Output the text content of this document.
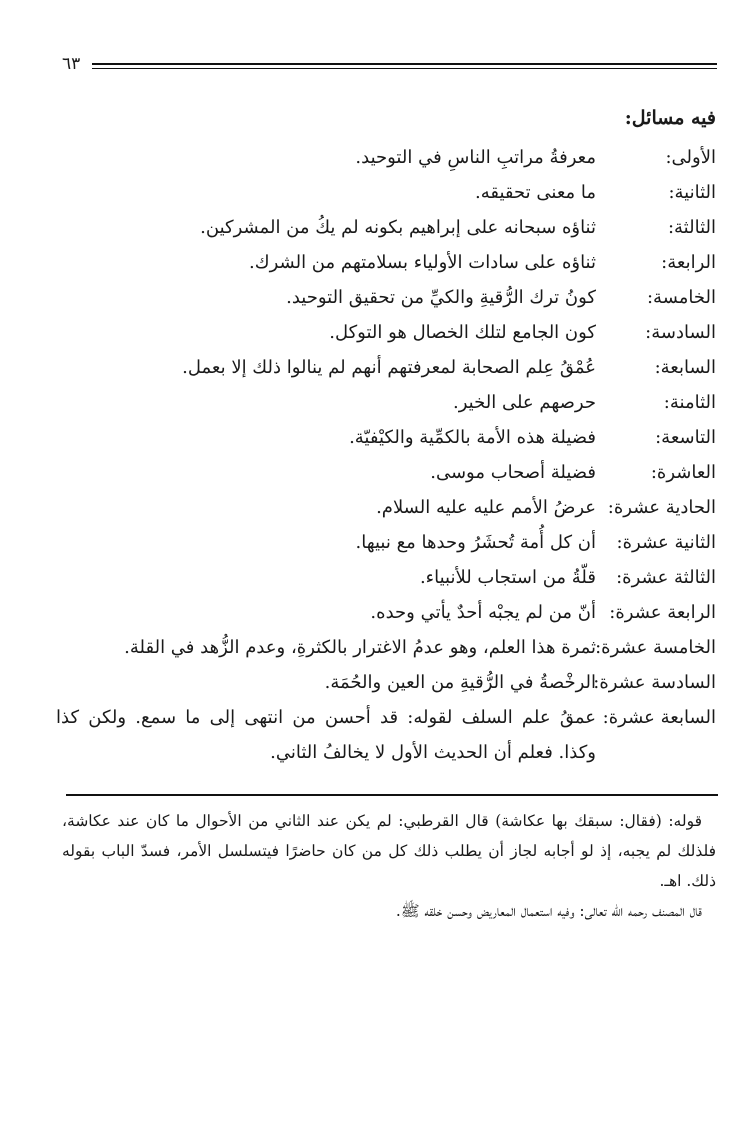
٦٣
فيه مسائل:
الأولى:
معرفةُ مراتبِ الناسِ في التوحيد.
الثانية:
ما معنى تحقيقه.
الثالثة:
ثناؤه سبحانه على إبراهيم بكونه لم يكُ من المشركين.
الرابعة:
ثناؤه على سادات الأولياء بسلامتهم من الشرك.
الخامسة:
كونُ ترك الرُّقيةِ والكيِّ من تحقيق التوحيد.
السادسة:
كون الجامع لتلك الخصال هو التوكل.
السابعة:
عُمْقُ عِلم الصحابة لمعرفتهم أنهم لم ينالوا ذلك إلا بعمل.
الثامنة:
حرصهم على الخير.
التاسعة:
فضيلة هذه الأمة بالكمِّية والكيْفيّة.
العاشرة:
فضيلة أصحاب موسى.
الحادية عشرة:
عرضُ الأمم عليه عليه السلام.
الثانية عشرة:
أن كل أُمة تُحشَرُ وحدها مع نبيها.
الثالثة عشرة:
قلّةُ من استجاب للأنبياء.
الرابعة عشرة:
أنّ من لم يجبْه أحدٌ يأتي وحده.
الخامسة عشرة:
ثمرة هذا العلم، وهو عدمُ الاغترار بالكثرةِ، وعدم الزُّهد في القلة.
السادسة عشرة:
الرخْصةُ في الرُّقيةِ من العين والحُمَة.
السابعة عشرة:
عمقُ علم السلف لقوله: قد أحسن من انتهى إلى ما سمع. ولكن كذا وكذا. فعلم أن الحديث الأول لا يخالفُ الثاني.

قوله: (فقال: سبقك بها عكاشة) قال القرطبي: لم يكن عند الثاني من الأحوال ما كان عند عكاشة، فلذلك لم يجبه، إذ لو أجابه لجاز أن يطلب ذلك كل من كان حاضرًا فيتسلسل الأمر، فسدّ الباب بقوله ذلك. اهـ.

قال المصنف رحمه الله تعالى: وفيه استعمال المعاريض وحسن خلقه ﷺ.
